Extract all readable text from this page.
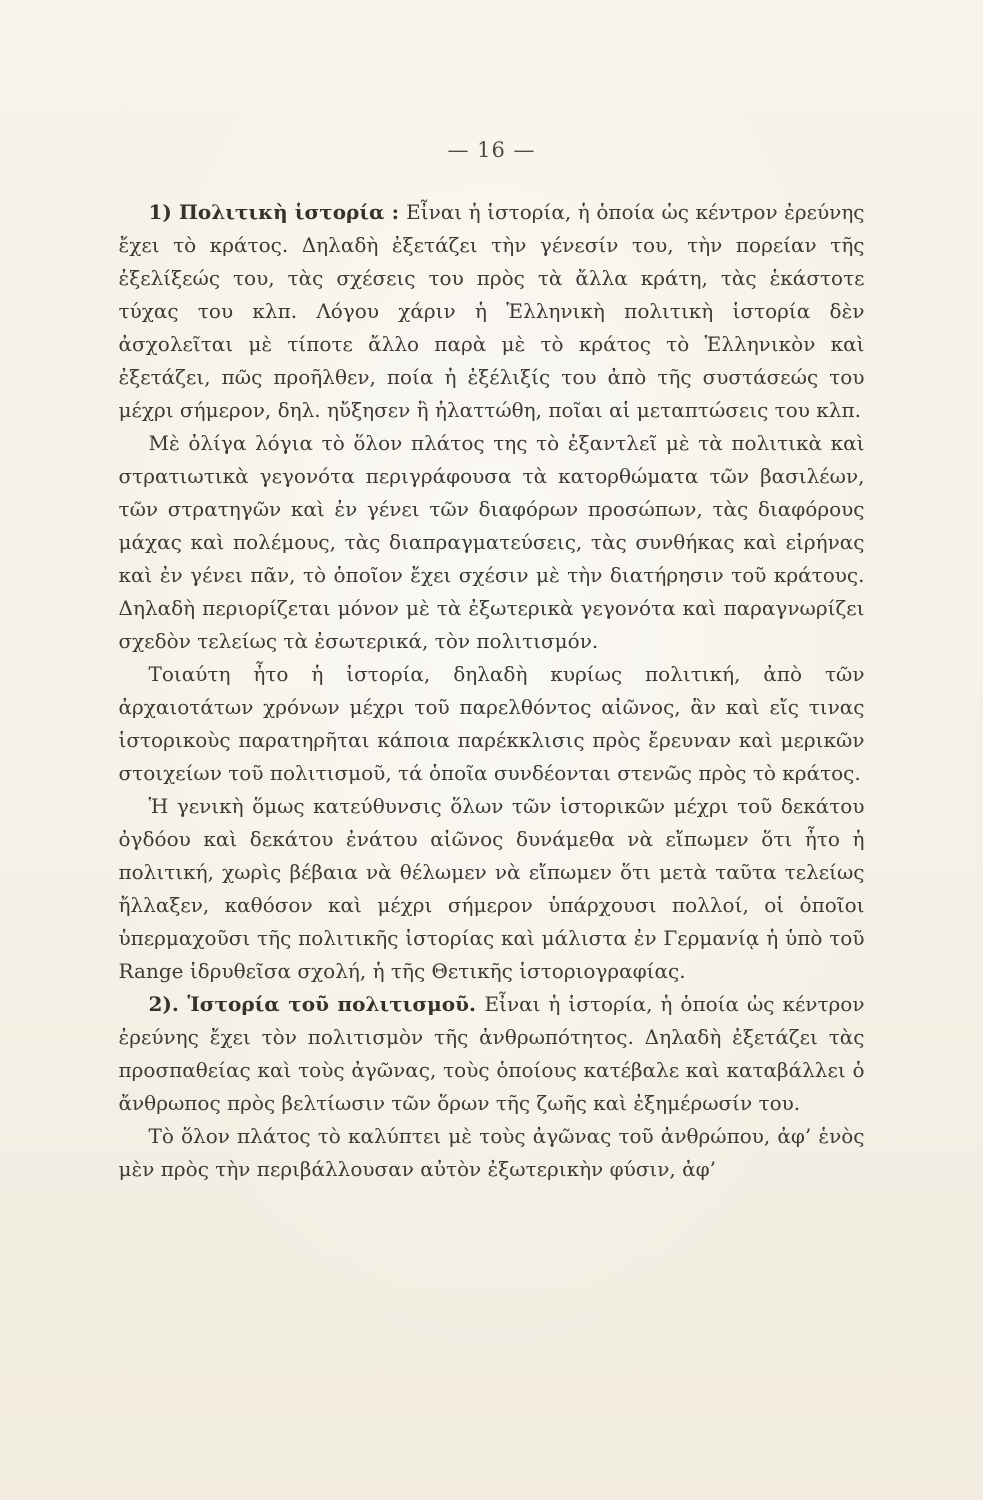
— 16 —

1) Πολιτικὴ ἱστορία : Εἶναι ἡ ἱστορία, ἡ ὁποία ὡς κέντρον ἐρεύνης ἔχει τὸ κράτος. Δηλαδὴ ἐξετάζει τὴν γένεσίν του, τὴν πορείαν τῆς ἐξελίξεώς του, τὰς σχέσεις του πρὸς τὰ ἄλλα κράτη, τὰς ἑκάστοτε τύχας του κλπ. Λόγου χάριν ἡ Ἑλληνικὴ πολιτικὴ ἱστορία δὲν ἀσχολεῖται μὲ τίποτε ἄλλο παρὰ μὲ τὸ κράτος τὸ Ἑλληνικὸν καὶ ἐξετάζει, πῶς προῆλθεν, ποία ἡ ἐξέλιξίς του ἀπὸ τῆς συστάσεώς του μέχρι σήμερον, δηλ. ηὔξησεν ἢ ἠλαττώθη, ποῖαι αἱ μεταπτώσεις του κλπ.

Μὲ ὀλίγα λόγια τὸ ὅλον πλάτος της τὸ ἐξαντλεῖ μὲ τὰ πολιτικὰ καὶ στρατιωτικὰ γεγονότα περιγράφουσα τὰ κατορθώματα τῶν βασιλέων, τῶν στρατηγῶν καὶ ἐν γένει τῶν διαφόρων προσώπων, τὰς διαφόρους μάχας καὶ πολέμους, τὰς διαπραγματεύσεις, τὰς συνθήκας καὶ εἰρήνας καὶ ἐν γένει πᾶν, τὸ ὁποῖον ἔχει σχέσιν μὲ τὴν διατήρησιν τοῦ κράτους. Δηλαδὴ περιορίζεται μόνον μὲ τὰ ἐξωτερικὰ γεγονότα καὶ παραγνωρίζει σχεδὸν τελείως τὰ ἐσωτερικά, τὸν πολιτισμόν.

Τοιαύτη ἦτο ἡ ἱστορία, δηλαδὴ κυρίως πολιτική, ἀπὸ τῶν ἀρχαιοτάτων χρόνων μέχρι τοῦ παρελθόντος αἰῶνος, ἂν καὶ εἴς τινας ἱστορικοὺς παρατηρῆται κάποια παρέκκλισις πρὸς ἔρευναν καὶ μερικῶν στοιχείων τοῦ πολιτισμοῦ, τά ὁποῖα συνδέονται στενῶς πρὸς τὸ κράτος.

Ἡ γενικὴ ὅμως κατεύθυνσις ὅλων τῶν ἱστορικῶν μέχρι τοῦ δεκάτου ὀγδόου καὶ δεκάτου ἐνάτου αἰῶνος δυνάμεθα νὰ εἴπωμεν ὅτι ἦτο ἡ πολιτική, χωρὶς βέβαια νὰ θέλωμεν νὰ εἴπωμεν ὅτι μετὰ ταῦτα τελείως ἤλλαξεν, καθόσον καὶ μέχρι σήμερον ὑπάρχουσι πολλοί, οἱ ὁποῖοι ὑπερμαχοῦσι τῆς πολιτικῆς ἱστορίας καὶ μάλιστα ἐν Γερμανίᾳ ἡ ὑπὸ τοῦ Range ἱδρυθεῖσα σχολή, ἡ τῆς Θετικῆς ἱστοριογραφίας.

2). Ἱστορία τοῦ πολιτισμοῦ. Εἶναι ἡ ἱστορία, ἡ ὁποία ὡς κέντρον ἐρεύνης ἔχει τὸν πολιτισμὸν τῆς ἀνθρωπότητος. Δηλαδὴ ἐξετάζει τὰς προσπαθείας καὶ τοὺς ἀγῶνας, τοὺς ὁποίους κατέβαλε καὶ καταβάλλει ὁ ἄνθρωπος πρὸς βελτίωσιν τῶν ὅρων τῆς ζωῆς καὶ ἐξημέρωσίν του.

Τὸ ὅλον πλάτος τὸ καλύπτει μὲ τοὺς ἀγῶνας τοῦ ἀνθρώπου, ἀφ’ ἑνὸς μὲν πρὸς τὴν περιβάλλουσαν αὐτὸν ἐξωτερικὴν φύσιν, ἀφ’
